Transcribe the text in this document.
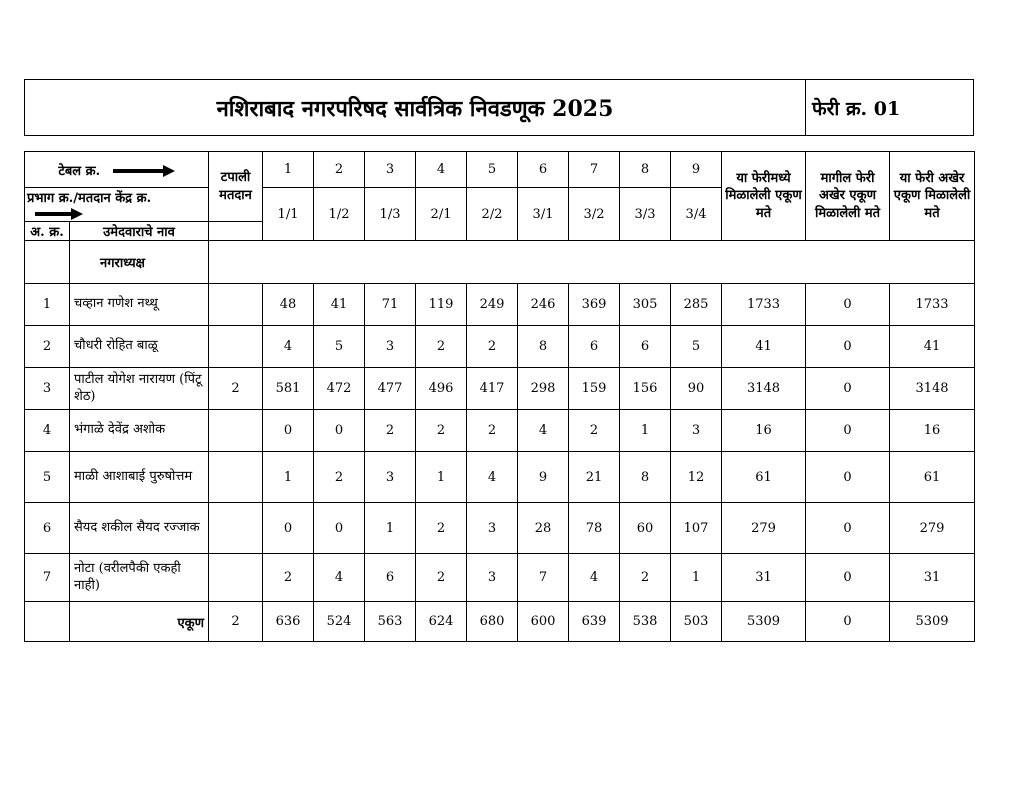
नशिराबाद नगरपरिषद सार्वत्रिक निवडणूक 2025	फेरी क्र. 01
टेबल क्र.		टपाली मतदान	1	2	3	4	5	6	7	8	9	या फेरीमध्ये मिळालेली एकूण मते	मागील फेरी अखेर एकूण मिळालेली मते	या फेरी अखेर एकूण मिळालेली मते
प्रभाग क्र./मतदान केंद्र क्र.			1/1	1/2	1/3	2/1	2/2	3/1	3/2	3/3	3/4			
अ. क्र.	उमेदवाराचे नाव													
	नगराध्यक्ष													
1	चव्हान गणेश नथ्थू		48	41	71	119	249	246	369	305	285	1733	0	1733
2	चौधरी रोहित बाळू		4	5	3	2	2	8	6	6	5	41	0	41
3	पाटील योगेश नारायण (पिंटू शेठ)	2	581	472	477	496	417	298	159	156	90	3148	0	3148
4	भंगाळे देवेंद्र अशोक		0	0	2	2	2	4	2	1	3	16	0	16
5	माळी आशाबाई पुरुषोत्तम		1	2	3	1	4	9	21	8	12	61	0	61
6	सैयद शकील सैयद रज्जाक		0	0	1	2	3	28	78	60	107	279	0	279
7	नोटा (वरीलपैकी एकही नाही)		2	4	6	2	3	7	4	2	1	31	0	31
	एकूण	2	636	524	563	624	680	600	639	538	503	5309	0	5309
